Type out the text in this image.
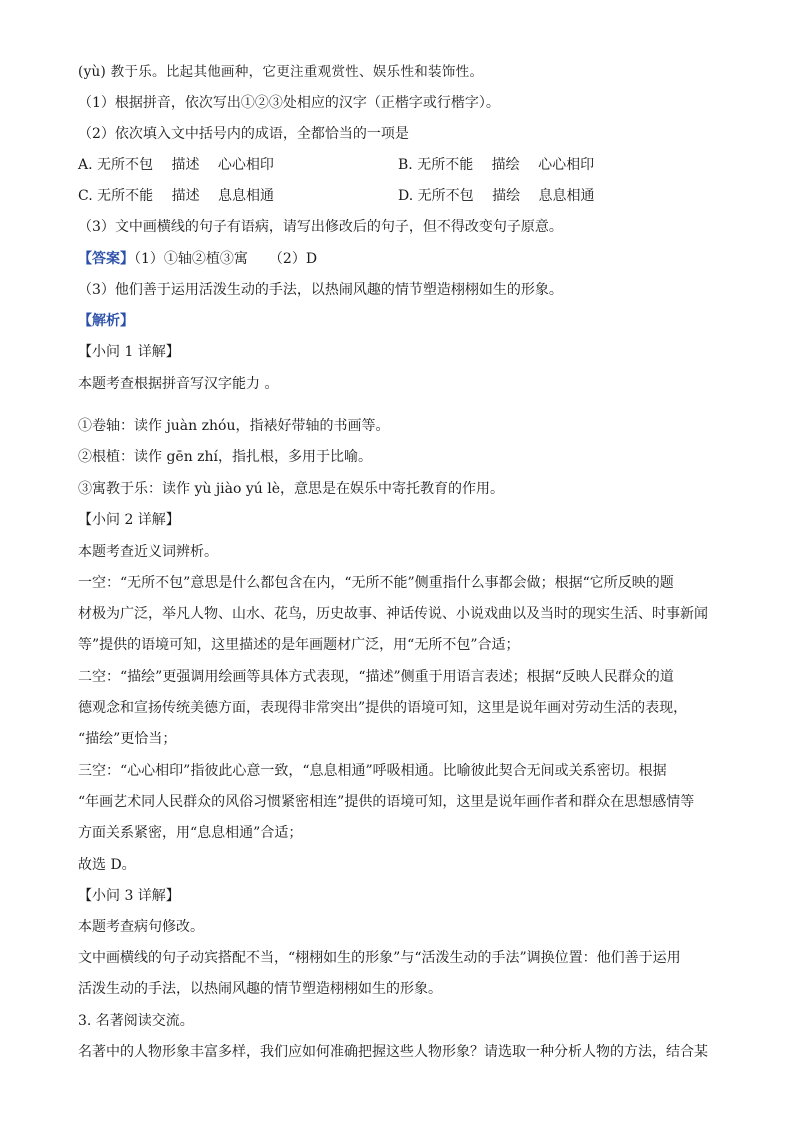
(yù) 教于乐。比起其他画种，它更注重观赏性、娱乐性和装饰性。
（1）根据拼音，依次写出①②③处相应的汉字（正楷字或行楷字）。
（2）依次填入文中括号内的成语，全都恰当的一项是
A. 无所不包　 描述　 心心相印	B. 无所不能　 描绘　 心心相印
C. 无所不能　 描述　 息息相通	D. 无所不包　 描绘　 息息相通
（3）文中画横线的句子有语病，请写出修改后的句子，但不得改变句子原意。
【答案】（1）①轴②植③寓　　（2）D
（3）他们善于运用活泼生动的手法，以热闹风趣的情节塑造栩栩如生的形象。
【解析】
【小问 1 详解】
本题考查根据拼音写汉字能力 。
①卷轴：读作 juàn zhóu，指裱好带轴的书画等。
②根植：读作 gēn zhí，指扎根，多用于比喻。
③寓教于乐：读作 yù jiào yú lè，意思是在娱乐中寄托教育的作用。
【小问 2 详解】
本题考查近义词辨析。
一空：“无所不包”意思是什么都包含在内，“无所不能”侧重指什么事都会做；根据“它所反映的题
材极为广泛，举凡人物、山水、花鸟，历史故事、神话传说、小说戏曲以及当时的现实生活、时事新闻
等”提供的语境可知，这里描述的是年画题材广泛，用“无所不包”合适；
二空：“描绘”更强调用绘画等具体方式表现，“描述”侧重于用语言表述；根据“反映人民群众的道
德观念和宣扬传统美德方面，表现得非常突出”提供的语境可知，这里是说年画对劳动生活的表现，
“描绘”更恰当；
三空：“心心相印”指彼此心意一致，“息息相通”呼吸相通。比喻彼此契合无间或关系密切。根据
“年画艺术同人民群众的风俗习惯紧密相连”提供的语境可知，这里是说年画作者和群众在思想感情等
方面关系紧密，用“息息相通”合适；
故选 D。
【小问 3 详解】
本题考查病句修改。
文中画横线的句子动宾搭配不当，“栩栩如生的形象”与“活泼生动的手法”调换位置：他们善于运用
活泼生动的手法，以热闹风趣的情节塑造栩栩如生的形象。
3. 名著阅读交流。
名著中的人物形象丰富多样，我们应如何准确把握这些人物形象？请选取一种分析人物的方法，结合某
